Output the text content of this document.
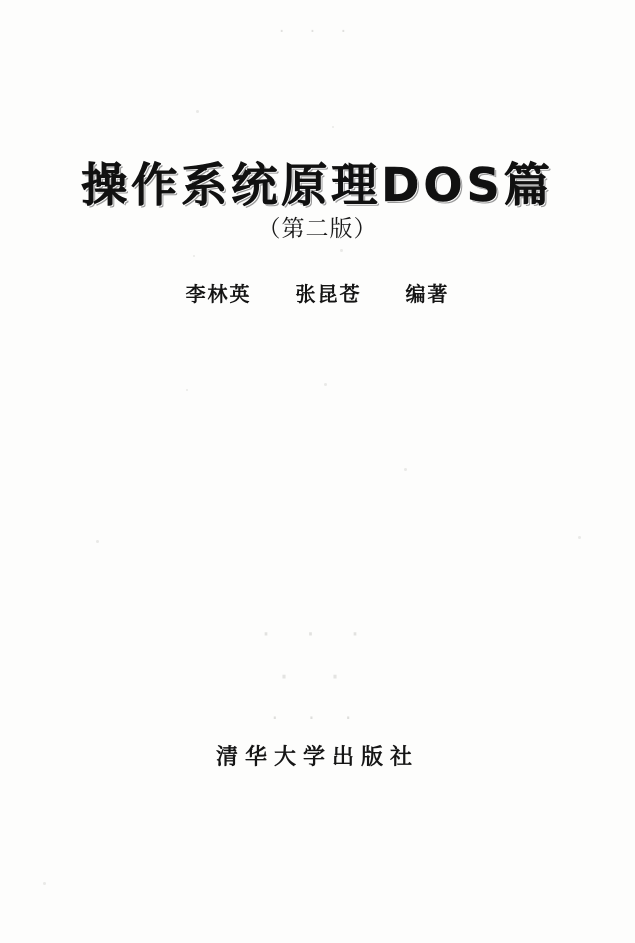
· · ·
操作系统原理DOS篇
（第二版）
李林英 张昆苍 编著
· · ·
· ·
· · ·
清华大学出版社
